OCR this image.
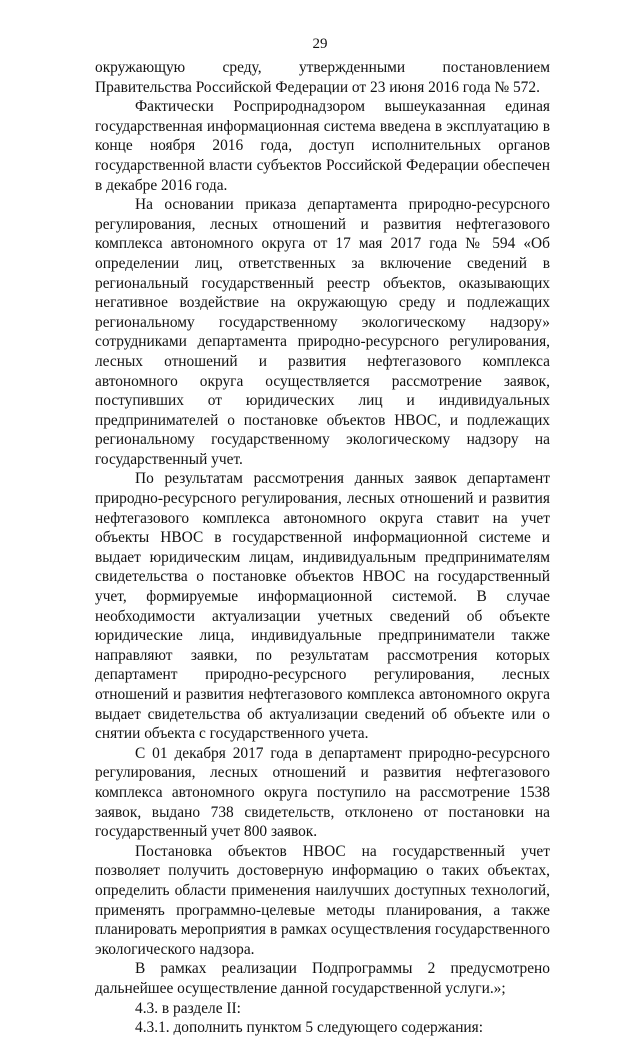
29

окружающую среду, утвержденными постановлением Правительства Российской Федерации от 23 июня 2016 года № 572.

Фактически Росприроднадзором вышеуказанная единая государственная информационная система введена в эксплуатацию в конце ноября 2016 года, доступ исполнительных органов государственной власти субъектов Российской Федерации обеспечен в декабре 2016 года.

На основании приказа департамента природно-ресурсного регулирования, лесных отношений и развития нефтегазового комплекса автономного округа от 17 мая 2017 года № 594 «Об определении лиц, ответственных за включение сведений в региональный государственный реестр объектов, оказывающих негативное воздействие на окружающую среду и подлежащих региональному государственному экологическому надзору» сотрудниками департамента природно-ресурсного регулирования, лесных отношений и развития нефтегазового комплекса автономного округа осуществляется рассмотрение заявок, поступивших от юридических лиц и индивидуальных предпринимателей о постановке объектов НВОС, и подлежащих региональному государственному экологическому надзору на государственный учет.

По результатам рассмотрения данных заявок департамент природно-ресурсного регулирования, лесных отношений и развития нефтегазового комплекса автономного округа ставит на учет объекты НВОС в государственной информационной системе и выдает юридическим лицам, индивидуальным предпринимателям свидетельства о постановке объектов НВОС на государственный учет, формируемые информационной системой. В случае необходимости актуализации учетных сведений об объекте юридические лица, индивидуальные предприниматели также направляют заявки, по результатам рассмотрения которых департамент природно-ресурсного регулирования, лесных отношений и развития нефтегазового комплекса автономного округа выдает свидетельства об актуализации сведений об объекте или о снятии объекта с государственного учета.

С 01 декабря 2017 года в департамент природно-ресурсного регулирования, лесных отношений и развития нефтегазового комплекса автономного округа поступило на рассмотрение 1538 заявок, выдано 738 свидетельств, отклонено от постановки на государственный учет 800 заявок.

Постановка объектов НВОС на государственный учет позволяет получить достоверную информацию о таких объектах, определить области применения наилучших доступных технологий, применять программно-целевые методы планирования, а также планировать мероприятия в рамках осуществления государственного экологического надзора.

В рамках реализации Подпрограммы 2 предусмотрено дальнейшее осуществление данной государственной услуги.»;

4.3. в разделе II:

4.3.1. дополнить пунктом 5 следующего содержания:
